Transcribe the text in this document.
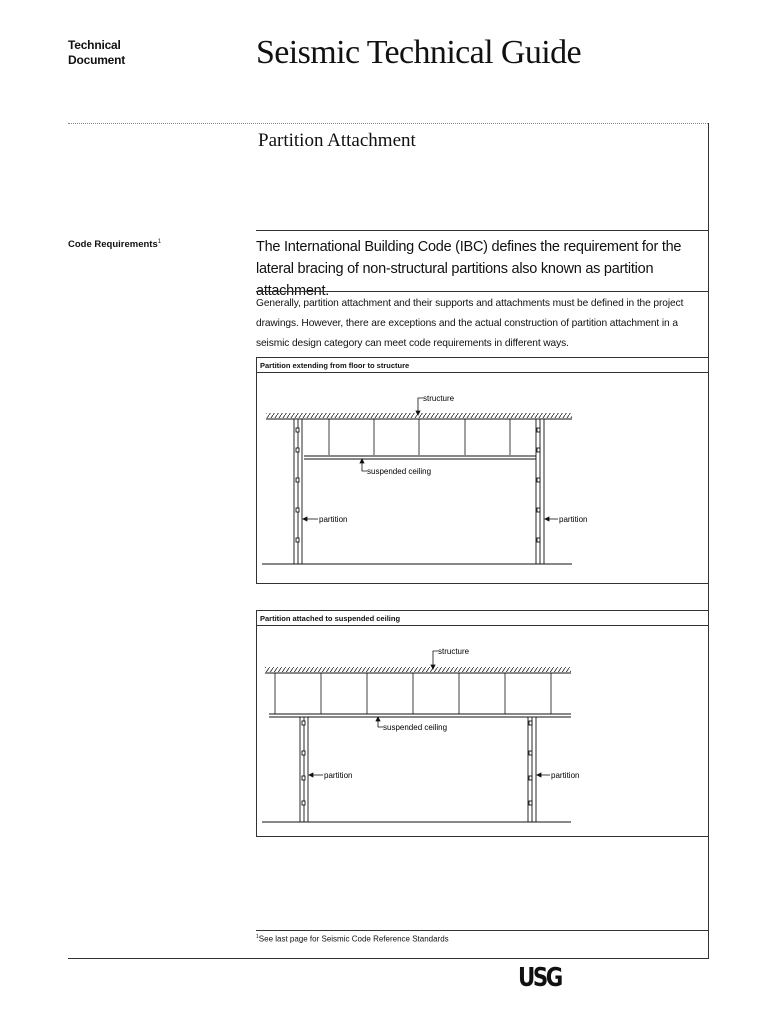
Technical
Document	Seismic Technical Guide
Partition Attachment
Code Requirements$^1$	The International Building Code (IBC) defines the requirement for the lateral bracing of non-structural partitions also known as partition attachment.
Generally, partition attachment and their supports and attachments must be defined in the project drawings. However, there are exceptions and the actual construction of partition attachment in a seismic design category can meet code requirements in different ways.
Partition extending from floor to structure
structure
suspended ceiling
partition	partition
Partition attached to suspended ceiling
structure
suspended ceiling
partition	partition
$^1$See last page for Seismic Code Reference Standards
USG
